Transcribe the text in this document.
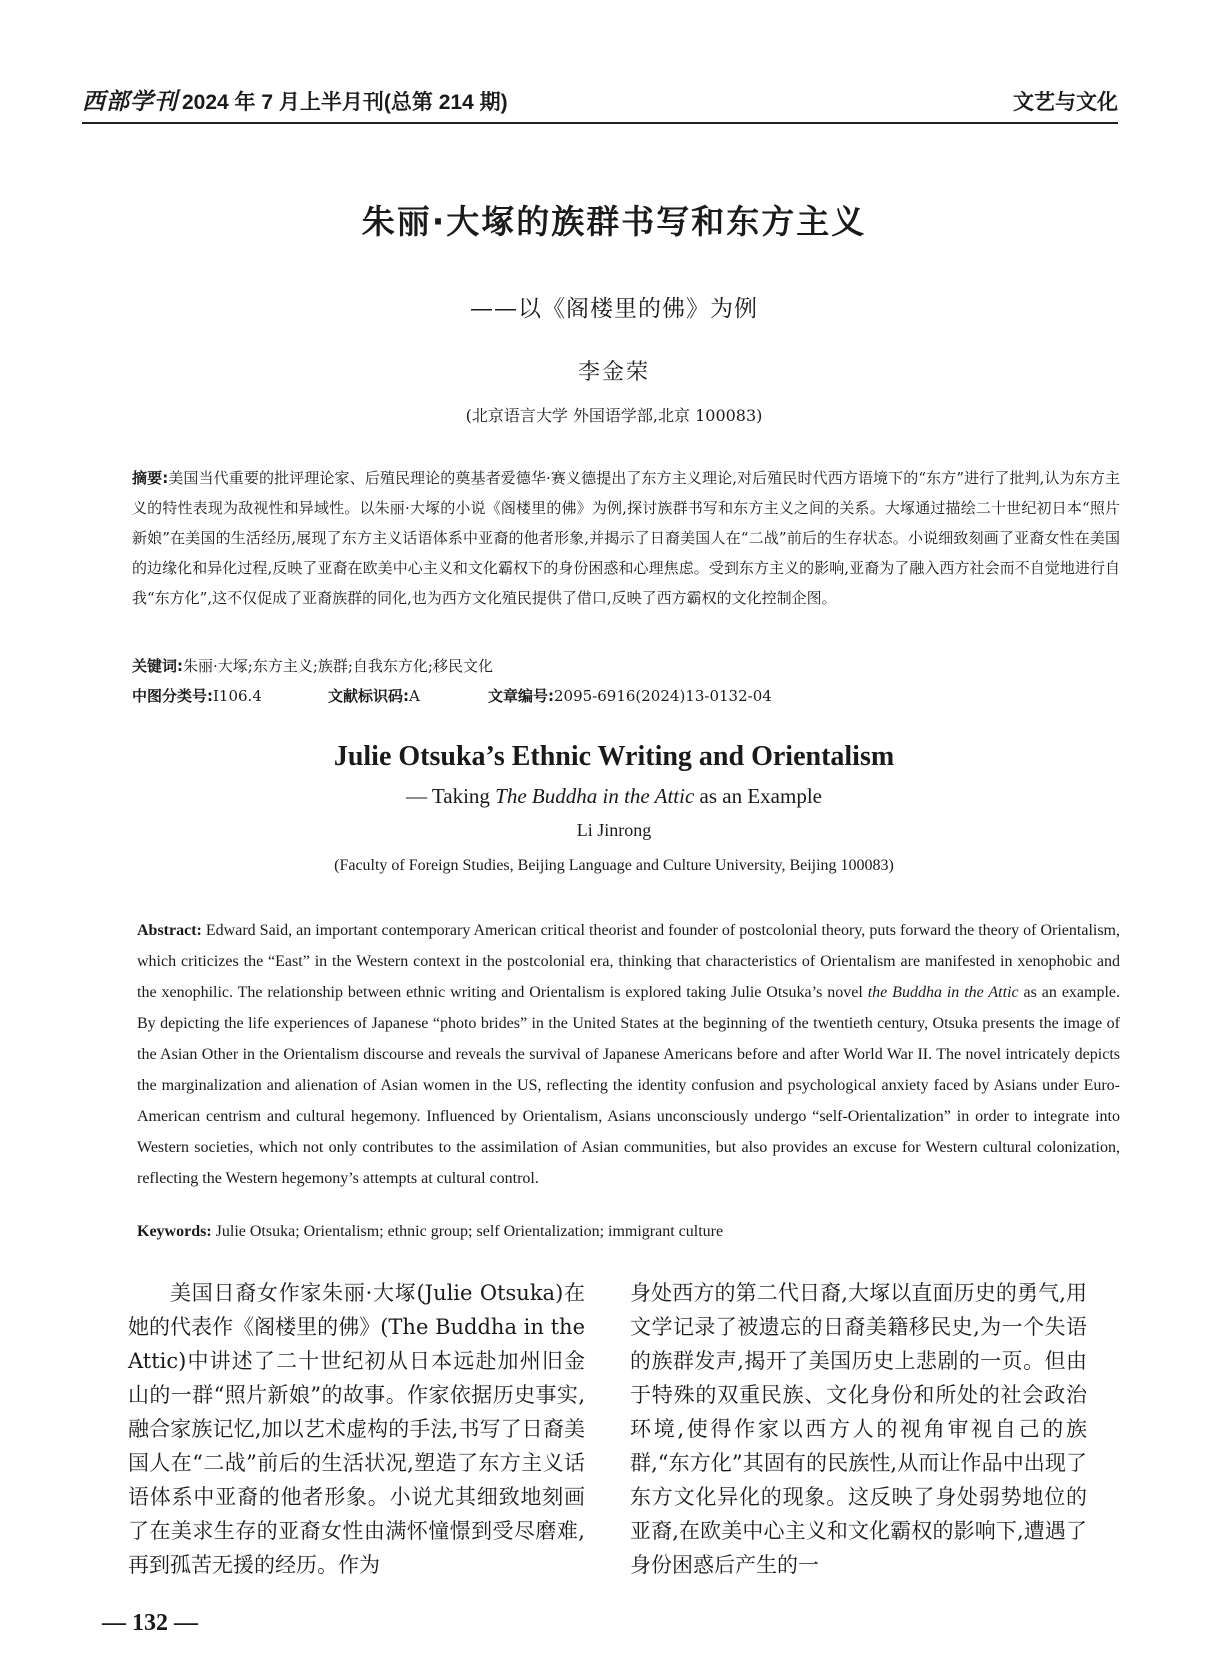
西部学刊 2024 年 7 月上半月刊(总第 214 期)	文艺与文化
朱丽·大塚的族群书写和东方主义
——以《阁楼里的佛》为例
李金荣
(北京语言大学 外国语学部,北京 100083)
摘要:美国当代重要的批评理论家、后殖民理论的奠基者爱德华·赛义德提出了东方主义理论,对后殖民时代西方语境下的“东方”进行了批判,认为东方主义的特性表现为敌视性和异域性。以朱丽·大塚的小说《阁楼里的佛》为例,探讨族群书写和东方主义之间的关系。大塚通过描绘二十世纪初日本“照片新娘”在美国的生活经历,展现了东方主义话语体系中亚裔的他者形象,并揭示了日裔美国人在“二战”前后的生存状态。小说细致刻画了亚裔女性在美国的边缘化和异化过程,反映了亚裔在欧美中心主义和文化霸权下的身份困惑和心理焦虑。受到东方主义的影响,亚裔为了融入西方社会而不自觉地进行自我“东方化”,这不仅促成了亚裔族群的同化,也为西方文化殖民提供了借口,反映了西方霸权的文化控制企图。
关键词:朱丽·大塚;东方主义;族群;自我东方化;移民文化
中图分类号:I106.4	文献标识码:A	文章编号:2095-6916(2024)13-0132-04
Julie Otsuka’s Ethnic Writing and Orientalism
— Taking The Buddha in the Attic as an Example
Li Jinrong
(Faculty of Foreign Studies, Beijing Language and Culture University, Beijing 100083)
Abstract: Edward Said, an important contemporary American critical theorist and founder of postcolonial theory, puts forward the theory of Orientalism, which criticizes the “East” in the Western context in the postcolonial era, thinking that characteristics of Orientalism are manifested in xenophobic and the xenophilic. The relationship between ethnic writing and Orientalism is explored taking Julie Otsuka’s novel the Buddha in the Attic as an example. By depicting the life experiences of Japanese “photo brides” in the United States at the beginning of the twentieth century, Otsuka presents the image of the Asian Other in the Orientalism discourse and reveals the survival of Japanese Americans before and after World War II. The novel intricately depicts the marginalization and alienation of Asian women in the US, reflecting the identity confusion and psychological anxiety faced by Asians under Euro-American centrism and cultural hegemony. Influenced by Orientalism, Asians unconsciously undergo “self-Orientalization” in order to integrate into Western societies, which not only contributes to the assimilation of Asian communities, but also provides an excuse for Western cultural colonization, reflecting the Western hegemony’s attempts at cultural control.
Keywords: Julie Otsuka; Orientalism; ethnic group; self Orientalization; immigrant culture
美国日裔女作家朱丽·大塚(Julie Otsuka)在她的代表作《阁楼里的佛》(The Buddha in the Attic)中讲述了二十世纪初从日本远赴加州旧金山的一群“照片新娘”的故事。作家依据历史事实,融合家族记忆,加以艺术虚构的手法,书写了日裔美国人在“二战”前后的生活状况,塑造了东方主义话语体系中亚裔的他者形象。小说尤其细致地刻画了在美求生存的亚裔女性由满怀憧憬到受尽磨难,再到孤苦无援的经历。作为
身处西方的第二代日裔,大塚以直面历史的勇气,用文学记录了被遗忘的日裔美籍移民史,为一个失语的族群发声,揭开了美国历史上悲剧的一页。但由于特殊的双重民族、文化身份和所处的社会政治环境,使得作家以西方人的视角审视自己的族群,“东方化”其固有的民族性,从而让作品中出现了东方文化异化的现象。这反映了身处弱势地位的亚裔,在欧美中心主义和文化霸权的影响下,遭遇了身份困惑后产生的一
— 132 —
